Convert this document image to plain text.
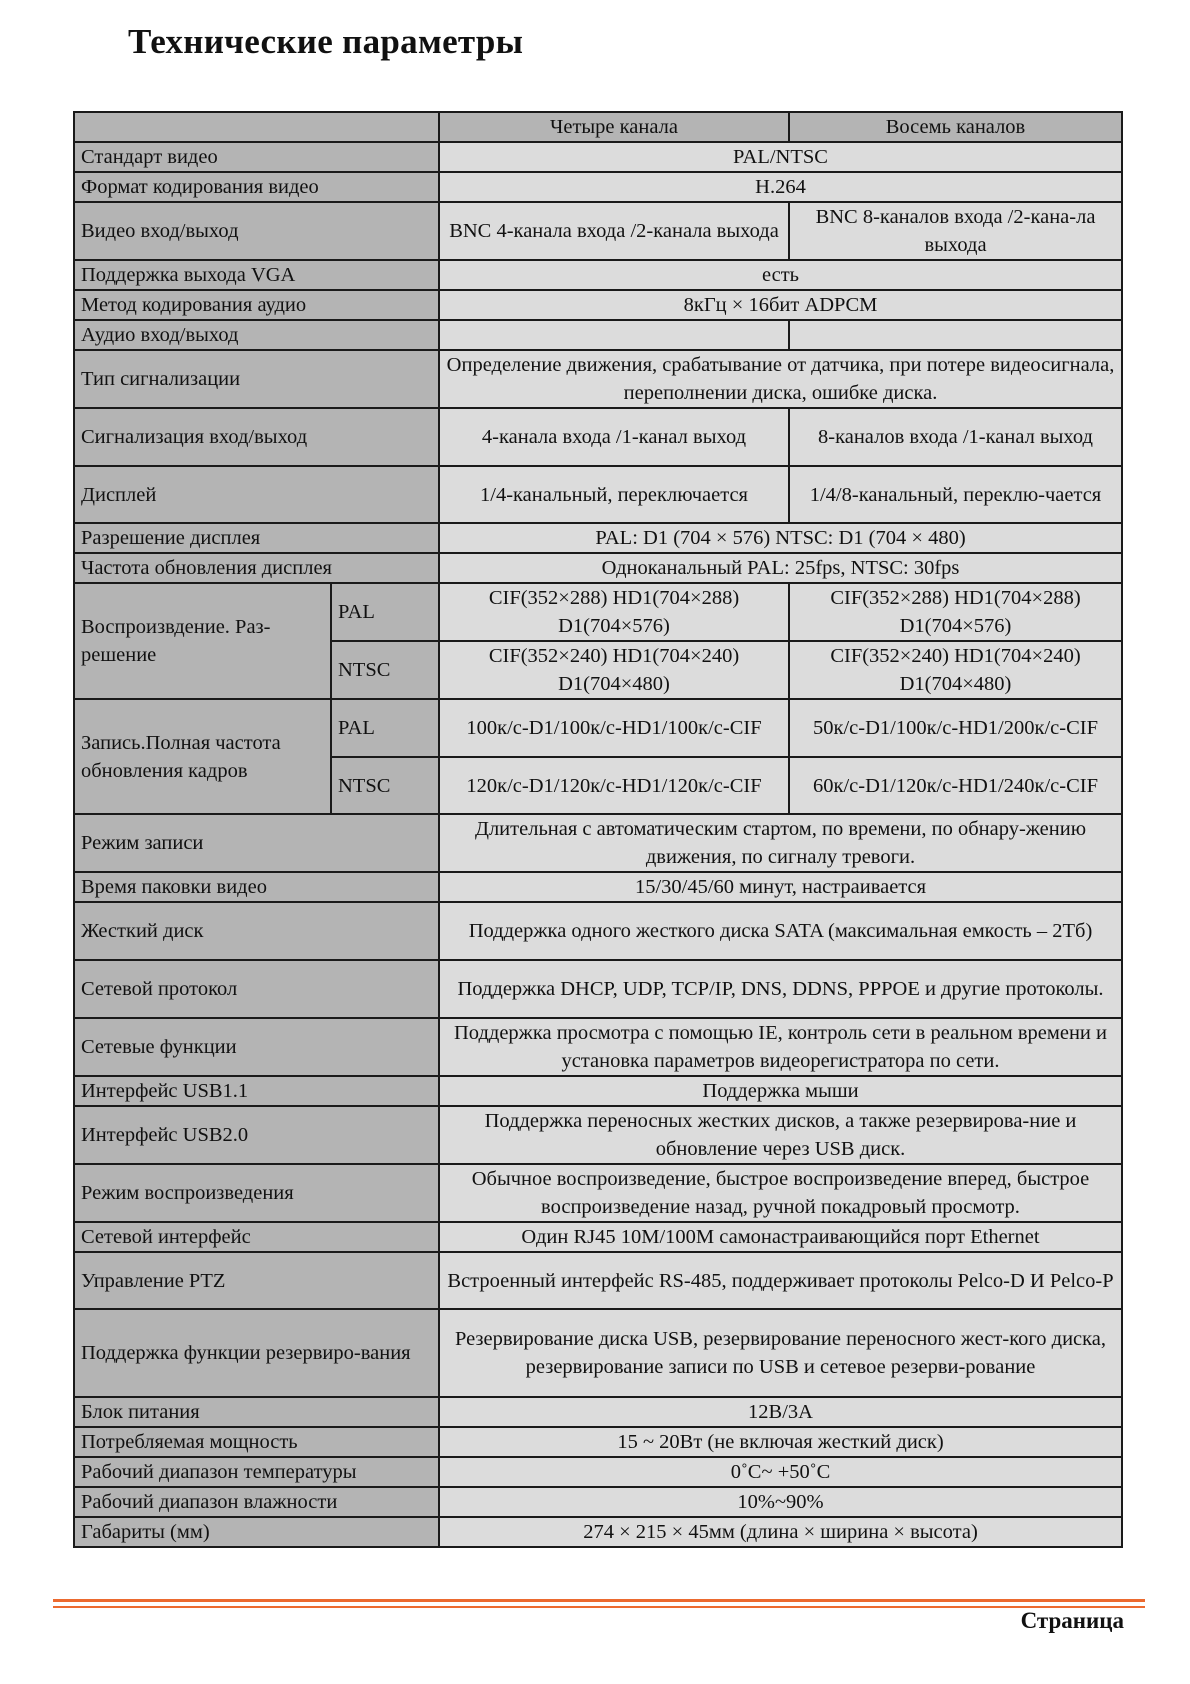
Технические параметры
		Четыре канала	Восемь каналов
Стандарт видео		PAL/NTSC	
Формат кодирования видео		H.264	
Видео вход/выход		BNC 4-канала входа /2-канала выхода	BNC 8-каналов входа /2-кана-ла выхода
Поддержка выхода VGA		есть	
Метод кодирования аудио		8кГц × 16бит ADPCM	
Аудио вход/выход			
Тип сигнализации		Определение движения, срабатывание от датчика, при потере видеосигнала, переполнении диска, ошибке диска.	
Сигнализация вход/выход		4-канала входа /1-канал выход	8-каналов входа /1-канал выход
Дисплей		1/4-канальный, переключается	1/4/8-канальный, переклю-чается
Разрешение дисплея		PAL: D1 (704 × 576) NTSC: D1 (704 × 480)	
Частота обновления дисплея		Одноканальный PAL: 25fps, NTSC: 30fps	
Воспроизвдение. Раз-решение	PAL	CIF(352×288) HD1(704×288) D1(704×576)	CIF(352×288) HD1(704×288) D1(704×576)
	NTSC	CIF(352×240) HD1(704×240) D1(704×480)	CIF(352×240) HD1(704×240) D1(704×480)
Запись.Полная частота обновления кадров	PAL	100к/с-D1/100к/с-HD1/100к/с-CIF	50к/с-D1/100к/с-HD1/200к/с-CIF
	NTSC	120к/с-D1/120к/с-HD1/120к/с-CIF	60к/с-D1/120к/с-HD1/240к/с-CIF
Режим записи		Длительная с автоматическим стартом, по времени, по обнару-жению движения, по сигналу тревоги.	
Время паковки видео		15/30/45/60 минут, настраивается	
Жесткий диск		Поддержка одного жесткого диска SATA (максимальная емкость – 2Тб)	
Сетевой протокол		Поддержка DHCP, UDP, TCP/IP, DNS, DDNS, PPPOE и другие протоколы.	
Сетевые функции		Поддержка просмотра с помощью IE, контроль сети в реальном времени и установка параметров видеорегистратора по сети.	
Интерфейс USB1.1		Поддержка мыши	
Интерфейс USB2.0		Поддержка переносных жестких дисков, а также резервирова-ние и обновление через USB диск.	
Режим воспроизведения		Обычное воспроизведение, быстрое воспроизведение вперед, быстрое воспроизведение назад, ручной покадровый просмотр.	
Сетевой интерфейс		Один RJ45 10M/100M самонастраивающийся порт Ethernet	
Управление PTZ		Встроенный интерфейс RS-485, поддерживает протоколы Pelco-D И Pelco-P	
Поддержка функции резервиро-вания		Резервирование диска USB, резервирование переносного жест-кого диска, резервирование записи по USB и сетевое резерви-рование	
Блок питания		12В/3А	
Потребляемая мощность		15 ~ 20Вт (не включая жесткий диск)	
Рабочий диапазон температуры		0˚C~ +50˚C	
Рабочий диапазон влажности		10%~90%	
Габариты (мм)		274 × 215 × 45мм (длина × ширина × высота)	
Страница
